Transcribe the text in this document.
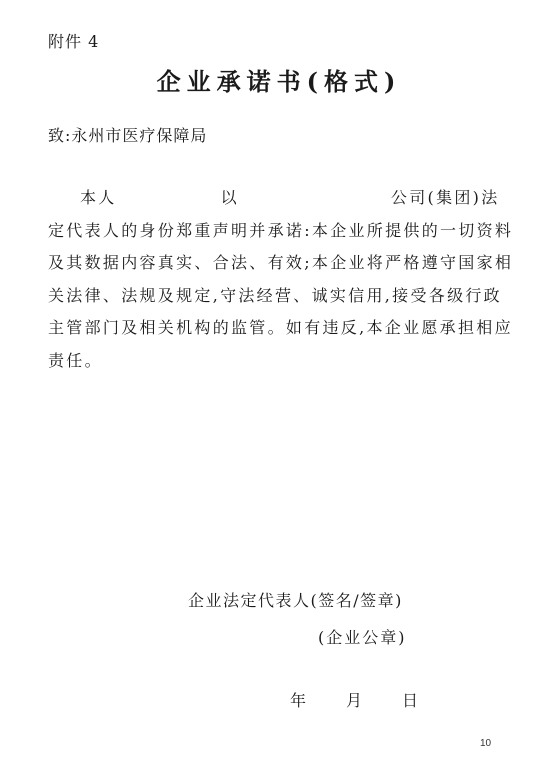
附件 4
企业承诺书(格式)
致:永州市医疗保障局
本人	以	公司(集团)法
定代表人的身份郑重声明并承诺:本企业所提供的一切资料
及其数据内容真实、合法、有效;本企业将严格遵守国家相
关法律、法规及规定,守法经营、诚实信用,接受各级行政
主管部门及相关机构的监管。如有违反,本企业愿承担相应
责任。
企业法定代表人(签名/签章)
(企业公章)
年	月	日
10
